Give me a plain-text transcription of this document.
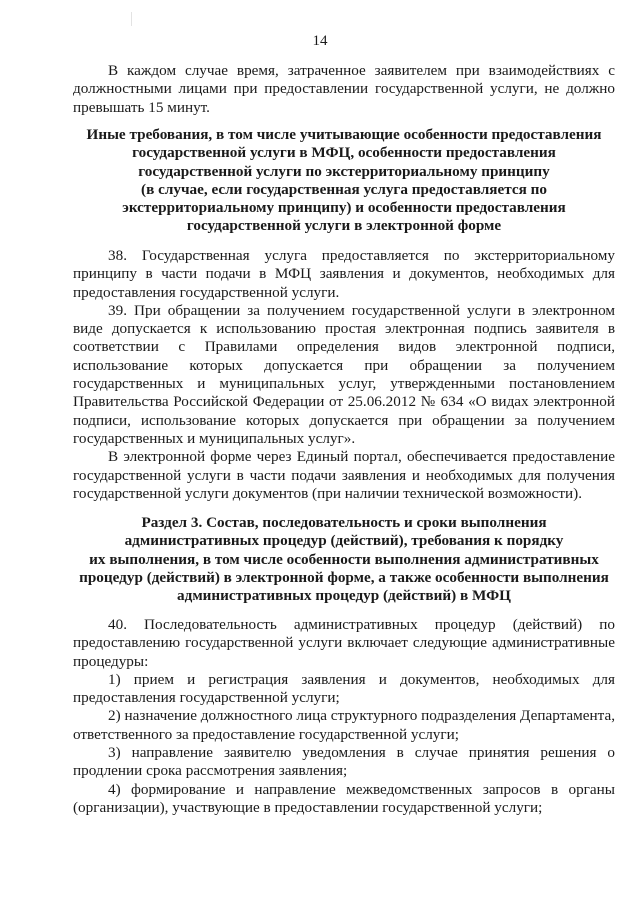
14

В каждом случае время, затраченное заявителем при взаимодействиях с должностными лицами при предоставлении государственной услуги, не должно превышать 15 минут.

Иные требования, в том числе учитывающие особенности предоставления
государственной услуги в МФЦ, особенности предоставления
государственной услуги по экстерриториальному принципу
(в случае, если государственная услуга предоставляется по
экстерриториальному принципу) и особенности предоставления
государственной услуги в электронной форме

38. Государственная услуга предоставляется по экстерриториальному принципу в части подачи в МФЦ заявления и документов, необходимых для предоставления государственной услуги.

39. При обращении за получением государственной услуги в электронном виде допускается к использованию простая электронная подпись заявителя в соответствии с Правилами определения видов электронной подписи, использование которых допускается при обращении за получением государственных и муниципальных услуг, утвержденными постановлением Правительства Российской Федерации от 25.06.2012 № 634 «О видах электронной подписи, использование которых допускается при обращении за получением государственных и муниципальных услуг».

В электронной форме через Единый портал, обеспечивается предоставление государственной услуги в части подачи заявления и необходимых для получения государственной услуги документов (при наличии технической возможности).

Раздел 3. Состав, последовательность и сроки выполнения
административных процедур (действий), требования к порядку
их выполнения, в том числе особенности выполнения административных
процедур (действий) в электронной форме, а также особенности выполнения
административных процедур (действий) в МФЦ

40. Последовательность административных процедур (действий) по предоставлению государственной услуги включает следующие административные процедуры:

1) прием и регистрация заявления и документов, необходимых для предоставления государственной услуги;

2) назначение должностного лица структурного подразделения Департамента, ответственного за предоставление государственной услуги;

3) направление заявителю уведомления в случае принятия решения о продлении срока рассмотрения заявления;

4) формирование и направление межведомственных запросов в органы (организации), участвующие в предоставлении государственной услуги;
